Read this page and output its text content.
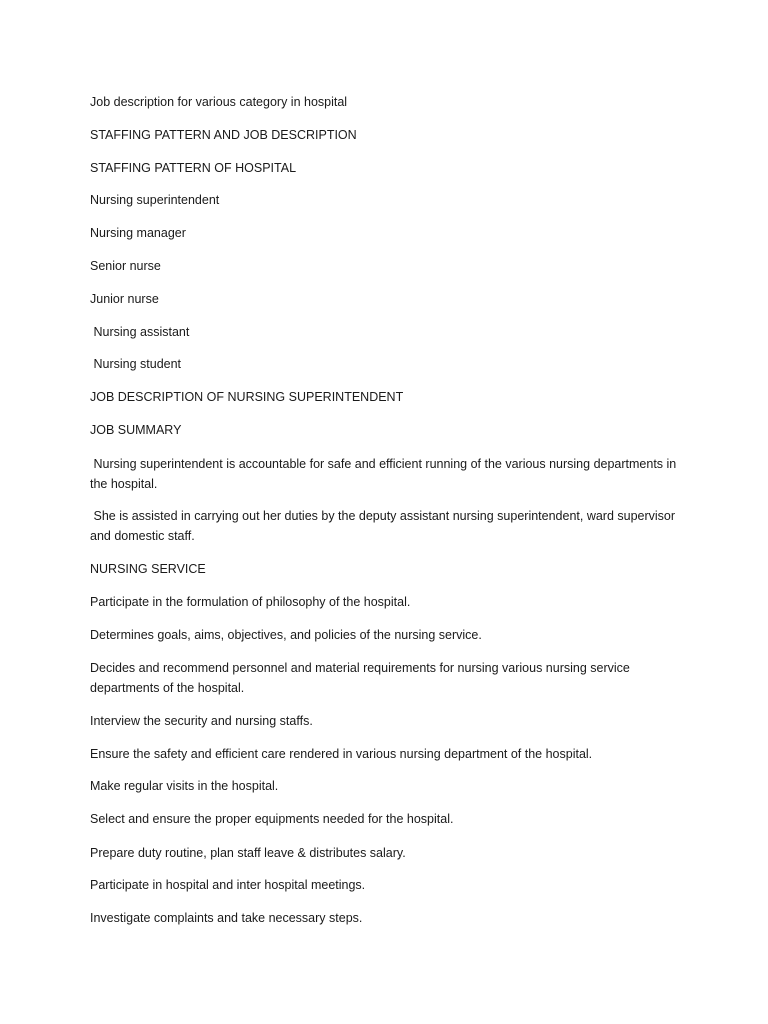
Job description for various category in hospital
STAFFING PATTERN AND JOB DESCRIPTION
STAFFING PATTERN OF HOSPITAL
Nursing superintendent
Nursing manager
Senior nurse
Junior nurse
Nursing assistant
Nursing student
JOB DESCRIPTION OF NURSING SUPERINTENDENT
JOB SUMMARY
Nursing superintendent is accountable for safe and efficient running of the various nursing departments in the hospital.
She is assisted in carrying out her duties by the deputy assistant nursing superintendent, ward supervisor and domestic staff.
NURSING SERVICE
Participate in the formulation of philosophy of the hospital.
Determines goals, aims, objectives, and policies of the nursing service.
Decides and recommend personnel and material requirements for nursing various nursing service departments of the hospital.
Interview the security and nursing staffs.
Ensure the safety and efficient care rendered in various nursing department of the hospital.
Make regular visits in the hospital.
Select and ensure the proper equipments needed for the hospital.
Prepare duty routine, plan staff leave & distributes salary.
Participate in hospital and inter hospital meetings.
Investigate complaints and take necessary steps.
